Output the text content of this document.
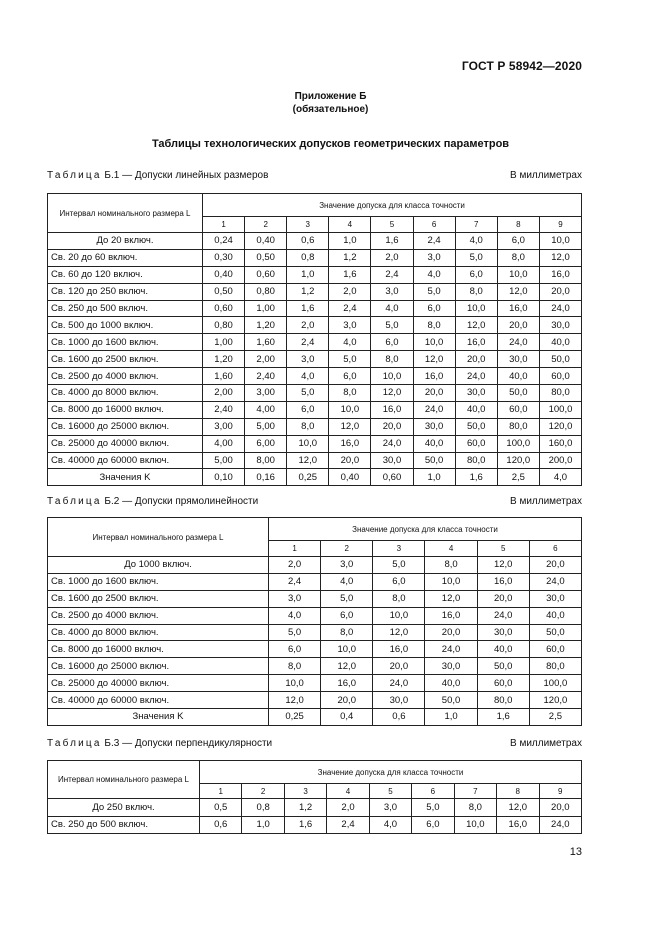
ГОСТ Р 58942—2020
Приложение Б
(обязательное)
Таблицы технологических допусков геометрических параметров
Таблица Б.1 — Допуски линейных размеров	В миллиметрах
Интервал номинального размера L	Значение допуска для класса точности								
	1	2	3	4	5	6	7	8	9
До 20 включ.	0,24	0,40	0,6	1,0	1,6	2,4	4,0	6,0	10,0
Св. 20 до 60 включ.	0,30	0,50	0,8	1,2	2,0	3,0	5,0	8,0	12,0
Св. 60 до 120 включ.	0,40	0,60	1,0	1,6	2,4	4,0	6,0	10,0	16,0
Св. 120 до 250 включ.	0,50	0,80	1,2	2,0	3,0	5,0	8,0	12,0	20,0
Св. 250 до 500 включ.	0,60	1,00	1,6	2,4	4,0	6,0	10,0	16,0	24,0
Св. 500 до 1000 включ.	0,80	1,20	2,0	3,0	5,0	8,0	12,0	20,0	30,0
Св. 1000 до 1600 включ.	1,00	1,60	2,4	4,0	6,0	10,0	16,0	24,0	40,0
Св. 1600 до 2500 включ.	1,20	2,00	3,0	5,0	8,0	12,0	20,0	30,0	50,0
Св. 2500 до 4000 включ.	1,60	2,40	4,0	6,0	10,0	16,0	24,0	40,0	60,0
Св. 4000 до 8000 включ.	2,00	3,00	5,0	8,0	12,0	20,0	30,0	50,0	80,0
Св. 8000 до 16000 включ.	2,40	4,00	6,0	10,0	16,0	24,0	40,0	60,0	100,0
Св. 16000 до 25000 включ.	3,00	5,00	8,0	12,0	20,0	30,0	50,0	80,0	120,0
Св. 25000 до 40000 включ.	4,00	6,00	10,0	16,0	24,0	40,0	60,0	100,0	160,0
Св. 40000 до 60000 включ.	5,00	8,00	12,0	20,0	30,0	50,0	80,0	120,0	200,0
Значения K	0,10	0,16	0,25	0,40	0,60	1,0	1,6	2,5	4,0
Таблица Б.2 — Допуски прямолинейности	В миллиметрах
Интервал номинального размера L	Значение допуска для класса точности					
	1	2	3	4	5	6
До 1000 включ.	2,0	3,0	5,0	8,0	12,0	20,0
Св. 1000 до 1600 включ.	2,4	4,0	6,0	10,0	16,0	24,0
Св. 1600 до 2500 включ.	3,0	5,0	8,0	12,0	20,0	30,0
Св. 2500 до 4000 включ.	4,0	6,0	10,0	16,0	24,0	40,0
Св. 4000 до 8000 включ.	5,0	8,0	12,0	20,0	30,0	50,0
Св. 8000 до 16000 включ.	6,0	10,0	16,0	24,0	40,0	60,0
Св. 16000 до 25000 включ.	8,0	12,0	20,0	30,0	50,0	80,0
Св. 25000 до 40000 включ.	10,0	16,0	24,0	40,0	60,0	100,0
Св. 40000 до 60000 включ.	12,0	20,0	30,0	50,0	80,0	120,0
Значения K	0,25	0,4	0,6	1,0	1,6	2,5
Таблица Б.3 — Допуски перпендикулярности	В миллиметрах
Интервал номинального размера L	Значение допуска для класса точности								
	1	2	3	4	5	6	7	8	9
До 250 включ.	0,5	0,8	1,2	2,0	3,0	5,0	8,0	12,0	20,0
Св. 250 до 500 включ.	0,6	1,0	1,6	2,4	4,0	6,0	10,0	16,0	24,0
13
